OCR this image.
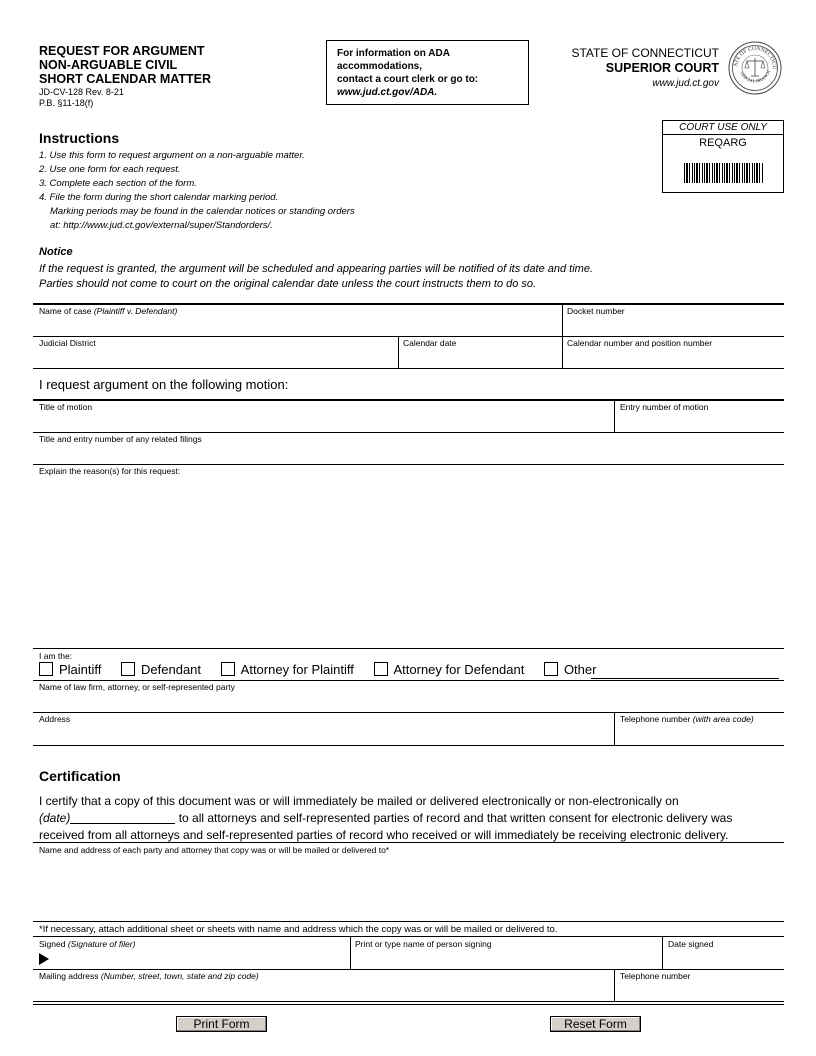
REQUEST FOR ARGUMENT
NON-ARGUABLE CIVIL
SHORT CALENDAR MATTER
JD-CV-128 Rev. 8-21
P.B. §11-18(f)
For information on ADA
accommodations,
contact a court clerk or go to:
www.jud.ct.gov/ADA.
STATE OF CONNECTICUT
SUPERIOR COURT
www.jud.ct.gov
ATE OF CONNECTICU
UDICIAL BRANCH
COURT USE ONLY
REQARG
Instructions
1. Use this form to request argument on a non-arguable matter.
2. Use one form for each request.
3. Complete each section of the form.
4. File the form during the short calendar marking period.
Marking periods may be found in the calendar notices or standing orders
at: http://www.jud.ct.gov/external/super/Standorders/.
Notice
If the request is granted, the argument will be scheduled and appearing parties will be notified of its date and time.
Parties should not come to court on the original calendar date unless the court instructs them to do so.
Name of case (Plaintiff v. Defendant)	Docket number
Judicial District	Calendar date	Calendar number and position number
I request argument on the following motion:
Title of motion	Entry number of motion
Title and entry number of any related filings
Explain the reason(s) for this request:
I am the:
Plaintiff	Defendant	Attorney for Plaintiff	Attorney for Defendant	Other
Name of law firm, attorney, or self-represented party
Address	Telephone number (with area code)
Certification
I certify that a copy of this document was or will immediately be mailed or delivered electronically or non-electronically on
(date)	to all attorneys and self-represented parties of record and that written consent for electronic delivery was
received from all attorneys and self-represented parties of record who received or will immediately be receiving electronic delivery.
Name and address of each party and attorney that copy was or will be mailed or delivered to*
*If necessary, attach additional sheet or sheets with name and address which the copy was or will be mailed or delivered to.
Signed (Signature of filer)	Print or type name of person signing	Date signed
Mailing address (Number, street, town, state and zip code)	Telephone number
Print Form	Reset Form
